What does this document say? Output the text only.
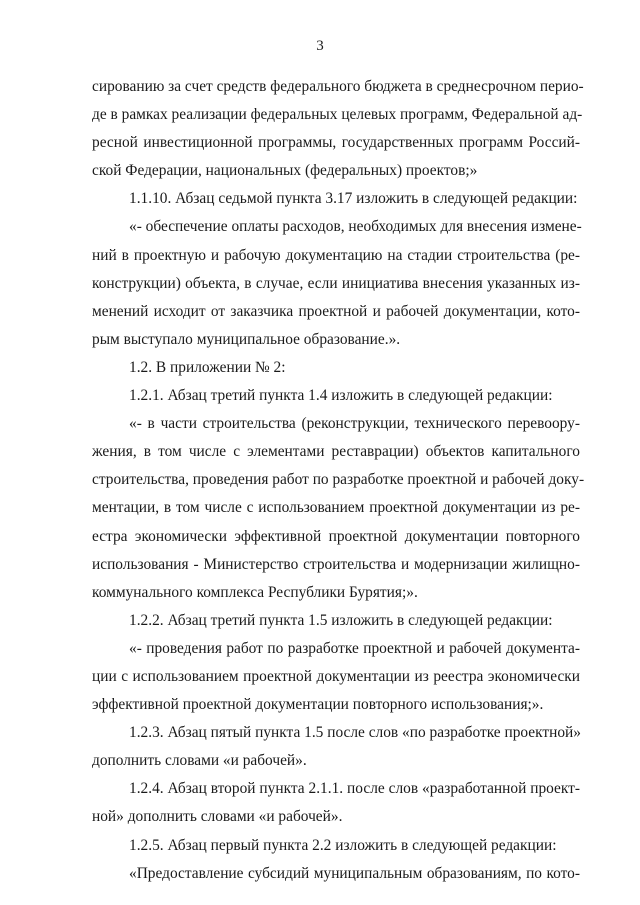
3
сированию за счет средств федерального бюджета в среднесрочном перио-
де в рамках реализации федеральных целевых программ, Федеральной ад-
ресной инвестиционной программы, государственных программ Россий-
ской Федерации, национальных (федеральных) проектов;»
1.1.10. Абзац седьмой пункта 3.17 изложить в следующей редакции:
«- обеспечение оплаты расходов, необходимых для внесения измене-
ний в проектную и рабочую документацию на стадии строительства (ре-
конструкции) объекта, в случае, если инициатива внесения указанных из-
менений исходит от заказчика проектной и рабочей документации, кото-
рым выступало муниципальное образование.».
1.2. В приложении № 2:
1.2.1. Абзац третий пункта 1.4 изложить в следующей редакции:
«- в части строительства (реконструкции, технического перевоору-
жения, в том числе с элементами реставрации) объектов капитального
строительства, проведения работ по разработке проектной и рабочей доку-
ментации, в том числе с использованием проектной документации из ре-
естра экономически эффективной проектной документации повторного
использования - Министерство строительства и модернизации жилищно-
коммунального комплекса Республики Бурятия;».
1.2.2. Абзац третий пункта 1.5 изложить в следующей редакции:
«- проведения работ по разработке проектной и рабочей документа-
ции с использованием проектной документации из реестра экономически
эффективной проектной документации повторного использования;».
1.2.3. Абзац пятый пункта 1.5 после слов «по разработке проектной»
дополнить словами «и рабочей».
1.2.4. Абзац второй пункта 2.1.1. после слов «разработанной проект-
ной» дополнить словами «и рабочей».
1.2.5. Абзац первый пункта 2.2 изложить в следующей редакции:
«Предоставление субсидий муниципальным образованиям, по кото-
